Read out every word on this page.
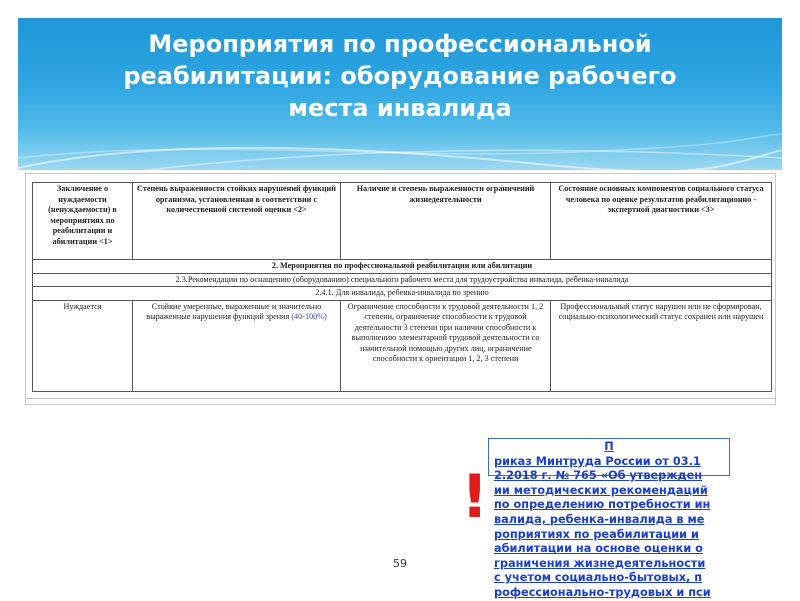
Мероприятия по профессиональной
реабилитации: оборудование рабочего
места инвалида
Заключение о нуждаемости (ненуждаемости) в мероприятиях по реабилитации и абилитации <1>	Степень выраженности стойких нарушений функций организма, установленная в соответствии с количественной системой оценки <2>	Наличие и степень выраженности ограничений жизнедеятельности	Состояние основных компонентов социального статуса человека по оценке результатов реабилитационно - экспертной диагностики <3>
2. Мероприятия по профессиональной реабилитации или абилитации			
2.3.Рекомендации по оснащению (оборудованию) специального рабочего места для трудоустройства инвалида, ребенка-инвалида			
2.4.1. Для инвалида, ребенка-инвалида по зрению			
Нуждается	Стойкие умеренные, выраженные и значительно выраженные нарушения функций зрения (40-100%)	Ограничение способности к трудовой деятельности 1, 2 степени, ограничение способности к трудовой деятельности 3 степени при наличии способности к выполнению элементарной трудовой деятельности со значительной помощью других лиц, ограничение способности к ориентации 1, 2, 3 степени	Профессиональный статус нарушен или не сформирован, социально-психологический статус сохранен или нарушен
!
П
риказ Минтруда России от 03.1
2.2018 г. № 765 «Об утвержден
ии методических рекомендаций
по определению потребности ин
валида, ребенка-инвалида в ме
роприятиях по реабилитации и
абилитации на основе оценки о
граничения жизнедеятельности
с учетом социально-бытовых, п
рофессионально-трудовых и пси
59
